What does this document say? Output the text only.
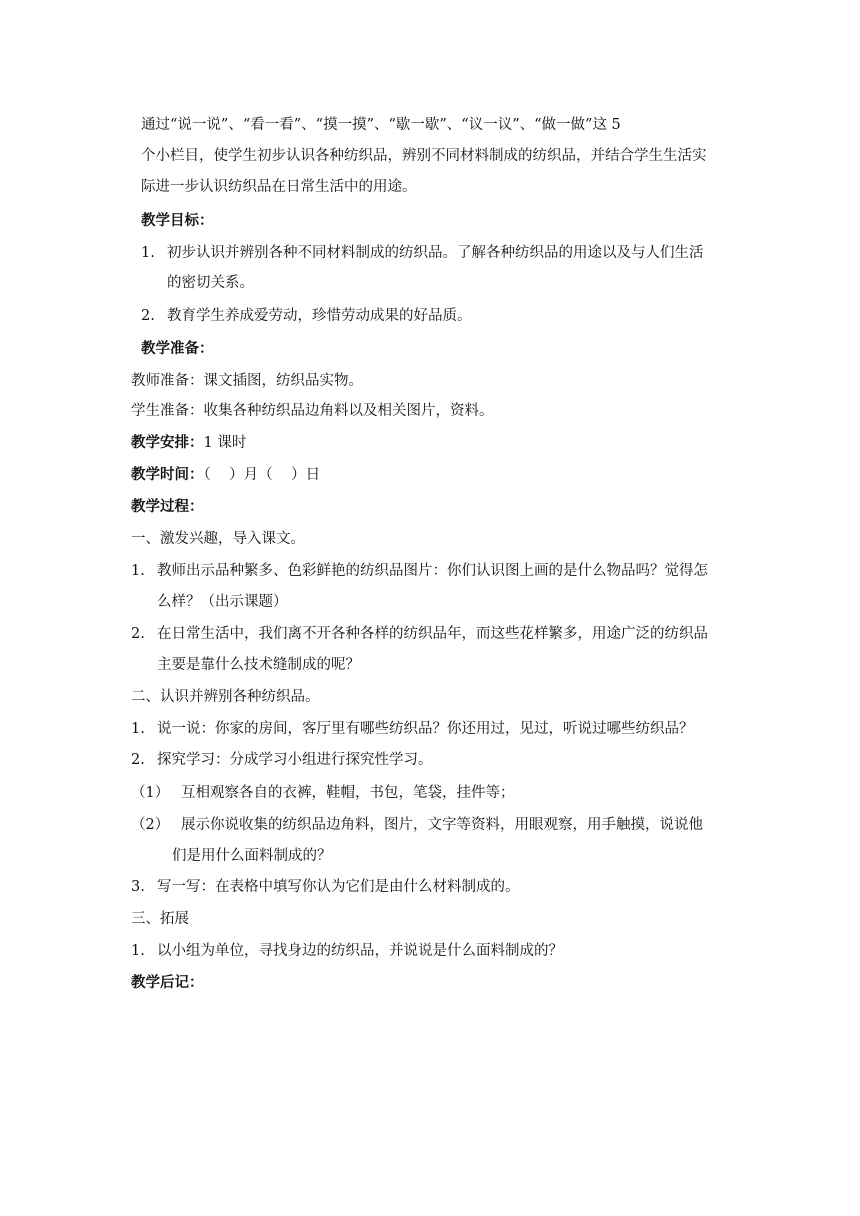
通过“说一说”、“看一看”、“摸一摸”、“歇一歇”、“议一议”、“做一做”这 5
个小栏目，使学生初步认识各种纺织品，辨别不同材料制成的纺织品，并结合学生生活实
际进一步认识纺织品在日常生活中的用途。
教学目标：
1. 初步认识并辨别各种不同材料制成的纺织品。了解各种纺织品的用途以及与人们生活
的密切关系。
2. 教育学生养成爱劳动，珍惜劳动成果的好品质。
教学准备：
教师准备：课文插图，纺织品实物。
学生准备：收集各种纺织品边角料以及相关图片，资料。
教学安排：1 课时
教学时间：（    ）月（    ）日
教学过程：
一、激发兴趣，导入课文。
1. 教师出示品种繁多、色彩鲜艳的纺织品图片：你们认识图上画的是什么物品吗？觉得怎
么样？（出示课题）
2. 在日常生活中，我们离不开各种各样的纺织品年，而这些花样繁多，用途广泛的纺织品
主要是靠什么技术缝制成的呢？
二、认识并辨别各种纺织品。
1. 说一说：你家的房间，客厅里有哪些纺织品？你还用过，见过，听说过哪些纺织品？
2. 探究学习：分成学习小组进行探究性学习。
（1） 互相观察各自的衣裤，鞋帽，书包，笔袋，挂件等；
（2） 展示你说收集的纺织品边角料，图片，文字等资料，用眼观察，用手触摸，说说他
们是用什么面料制成的？
3. 写一写：在表格中填写你认为它们是由什么材料制成的。
三、拓展
1. 以小组为单位，寻找身边的纺织品，并说说是什么面料制成的？
教学后记：
